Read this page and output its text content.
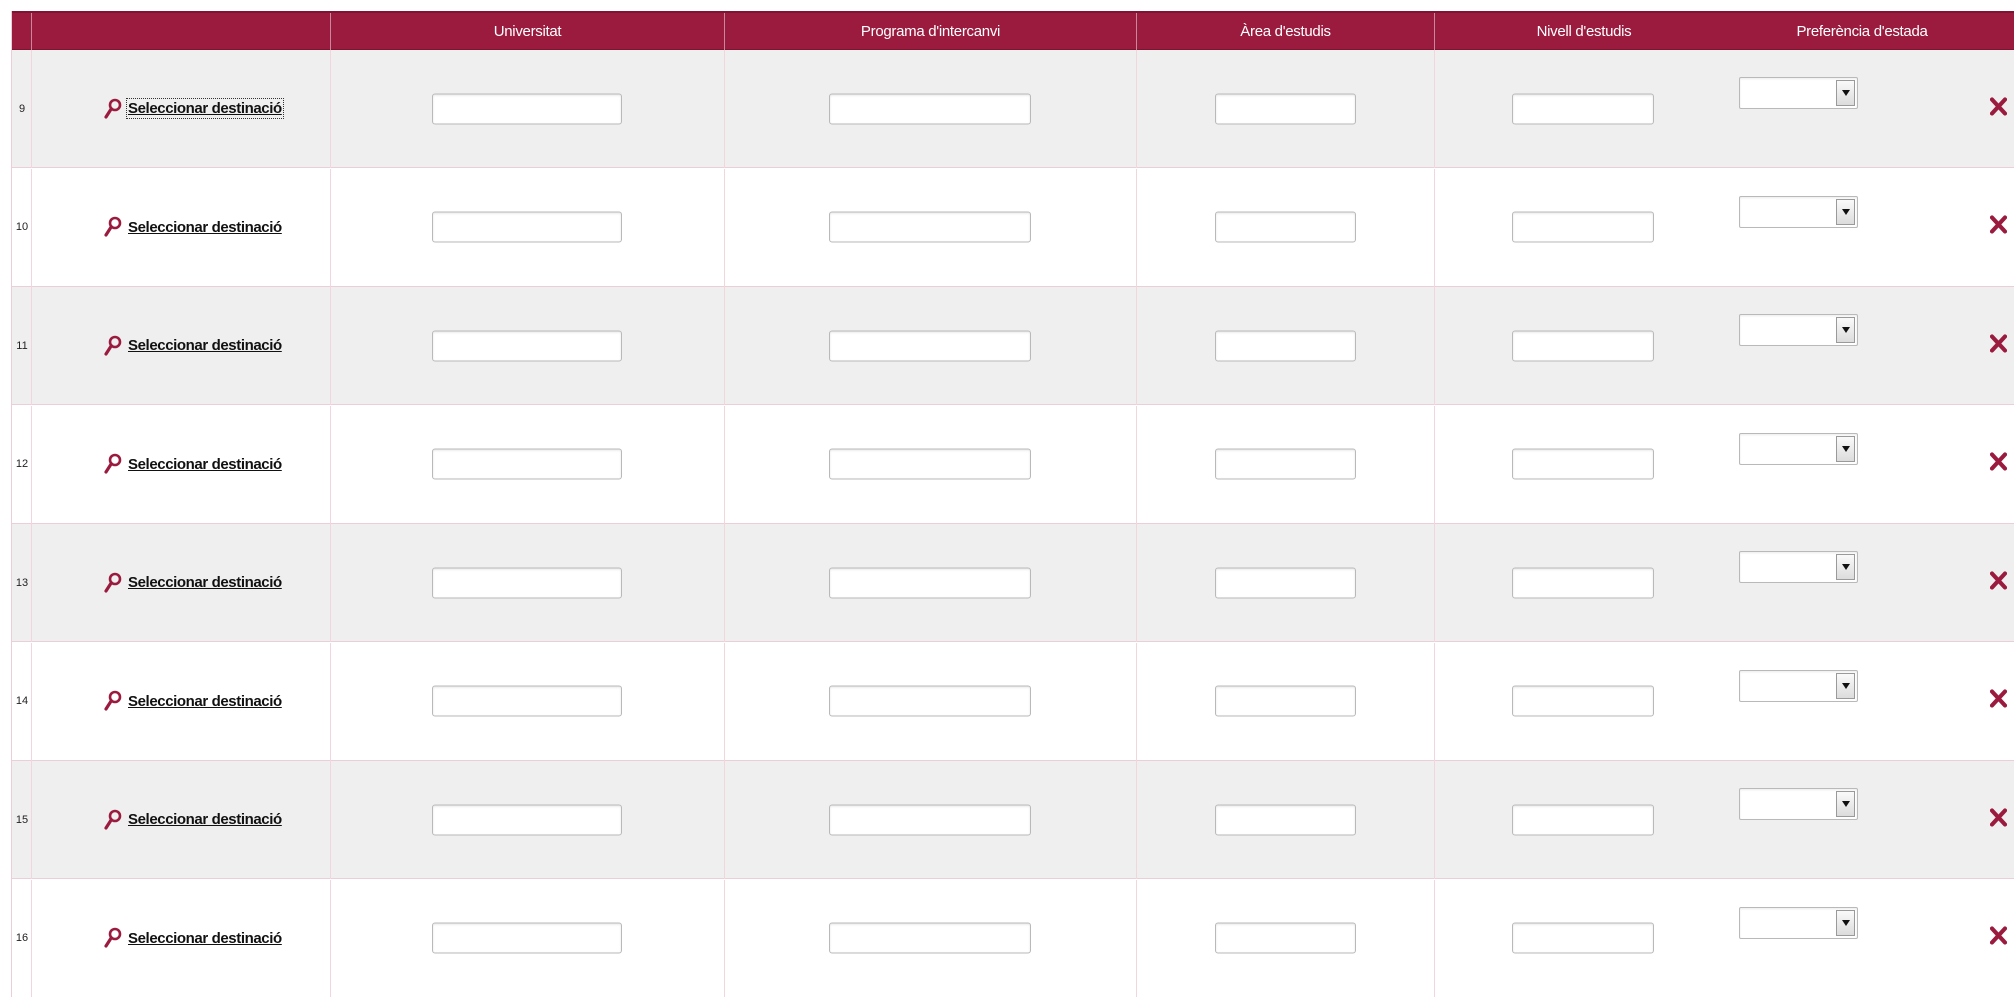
Universitat	Programa d'intercanvi	Àrea d'estudis	Nivell d'estudis	Preferència d'estada
9	Seleccionar destinació
10	Seleccionar destinació
11	Seleccionar destinació
12	Seleccionar destinació
13	Seleccionar destinació
14	Seleccionar destinació
15	Seleccionar destinació
16	Seleccionar destinació
